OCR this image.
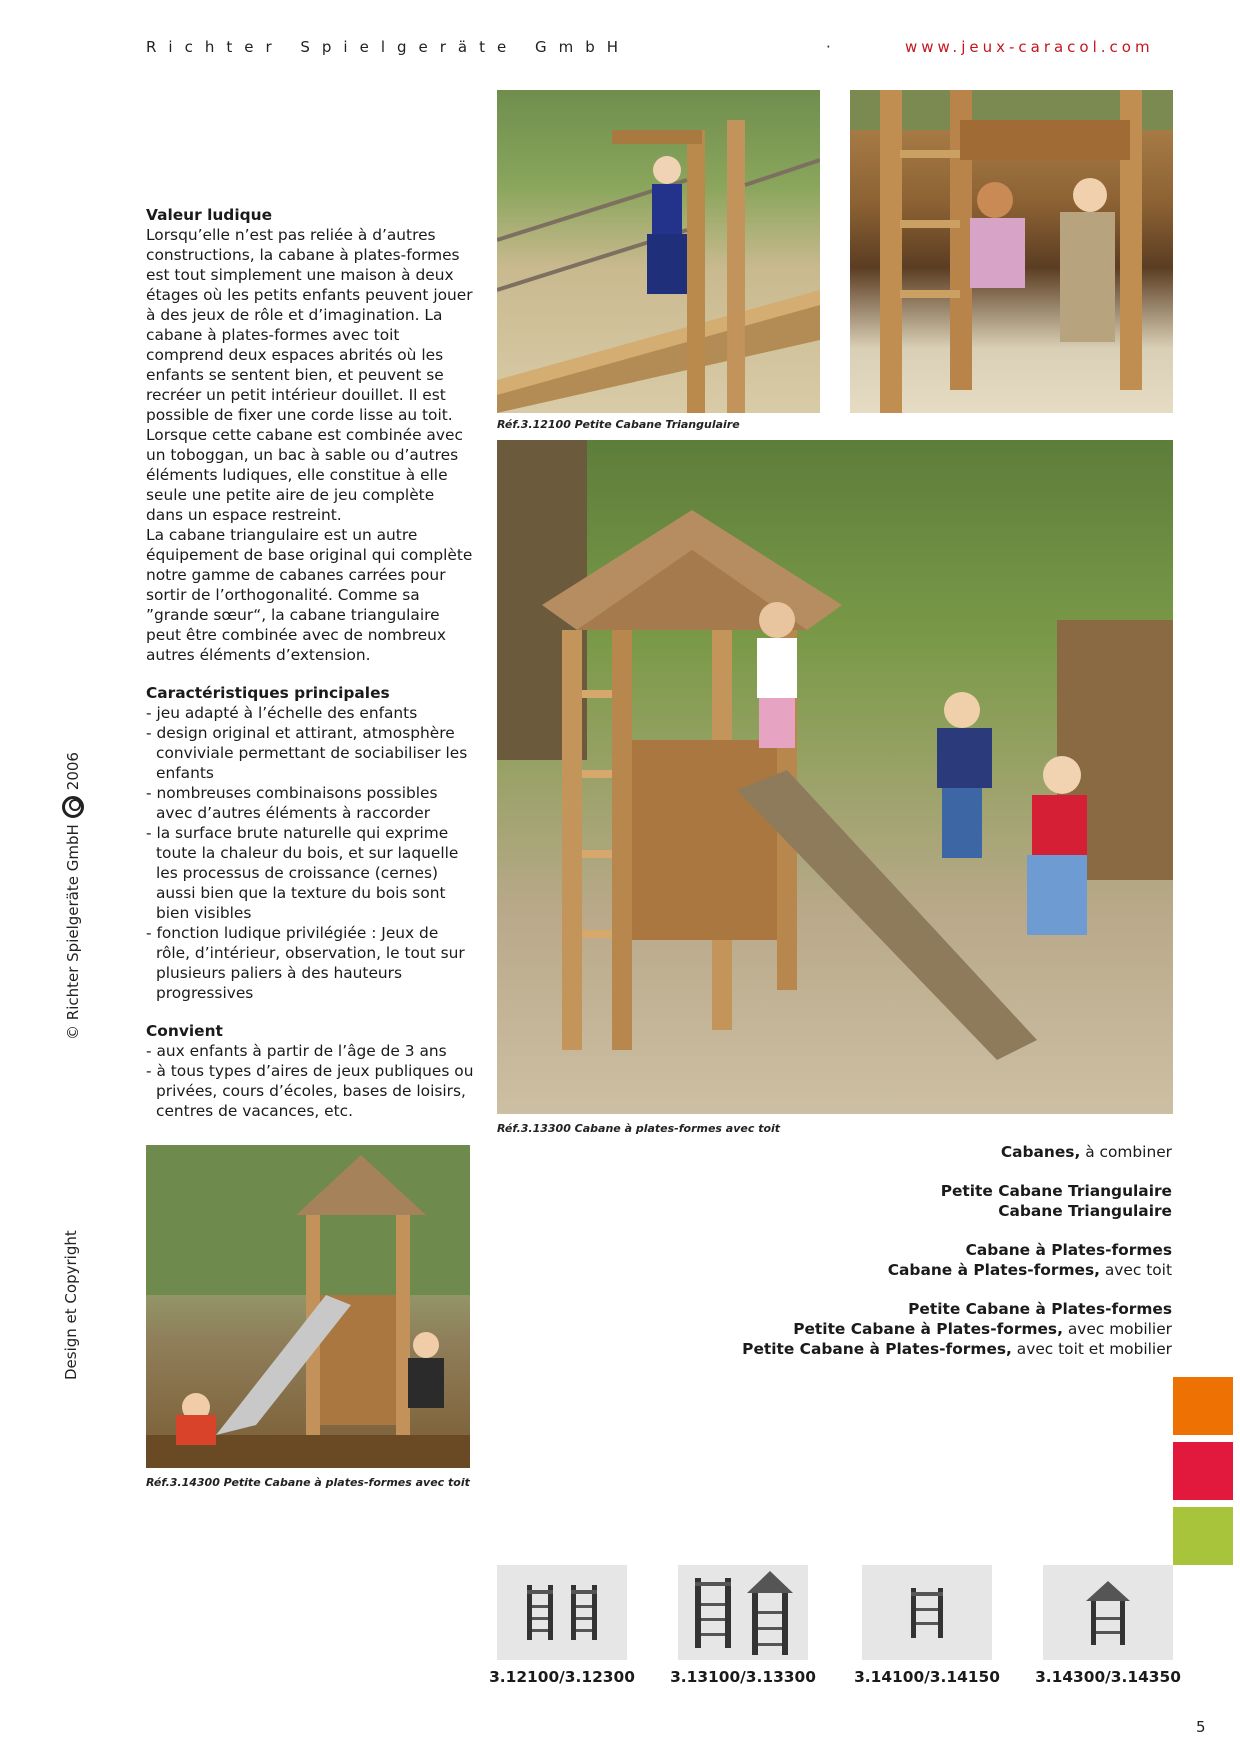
Richter Spielgeräte GmbH	·	www.jeux-caracol.com
© Richter Spielgeräte GmbH
2006
Design et Copyright
Valeur ludique

Lorsqu’elle n’est pas reliée à d’autres constructions, la cabane à plates-formes est tout simplement une maison à deux étages où les petits enfants peuvent jouer à des jeux de rôle et d’imagination. La cabane à plates-formes avec toit comprend deux espaces abrités où les enfants se sentent bien, et peuvent se recréer un petit intérieur douillet. Il est possible de fixer une corde lisse au toit. Lorsque cette cabane est combinée avec un toboggan, un bac à sable ou d’autres éléments ludiques, elle constitue à elle seule une petite aire de jeu complète dans un espace restreint.

La cabane triangulaire est un autre équipement de base original qui complète notre gamme de cabanes carrées pour sortir de l’orthogonalité. Comme sa ”grande sœur“, la cabane triangulaire peut être combinée avec de nombreux autres éléments d’extension.

Caractéristiques principales
- jeu adapté à l’échelle des enfants
- design original et attirant, atmosphère conviviale permettant de sociabiliser les enfants
- nombreuses combinaisons possibles avec d’autres éléments à raccorder
- la surface brute naturelle qui exprime toute la chaleur du bois, et sur laquelle les processus de croissance (cernes) aussi bien que la texture du bois sont bien visibles
- fonction ludique privilégiée : Jeux de rôle, d’intérieur, observation, le tout sur plusieurs paliers à des hauteurs progressives
Convient
- aux enfants à partir de l’âge de 3 ans
- à tous types d’aires de jeux publiques ou privées, cours d’écoles, bases de loisirs, centres de vacances, etc.
Réf.3.12100 Petite Cabane Triangulaire
Réf.3.13300 Cabane à plates-formes avec toit
Réf.3.14300 Petite Cabane à plates-formes avec toit

Cabanes, à combiner

Petite Cabane Triangulaire

Cabane Triangulaire

Cabane à Plates-formes

Cabane à Plates-formes, avec toit

Petite Cabane à Plates-formes

Petite Cabane à Plates-formes, avec mobilier

Petite Cabane à Plates-formes, avec toit et mobilier

3.12100/3.12300 3.13100/3.13300 3.14100/3.14150 3.14300/3.14350
5
